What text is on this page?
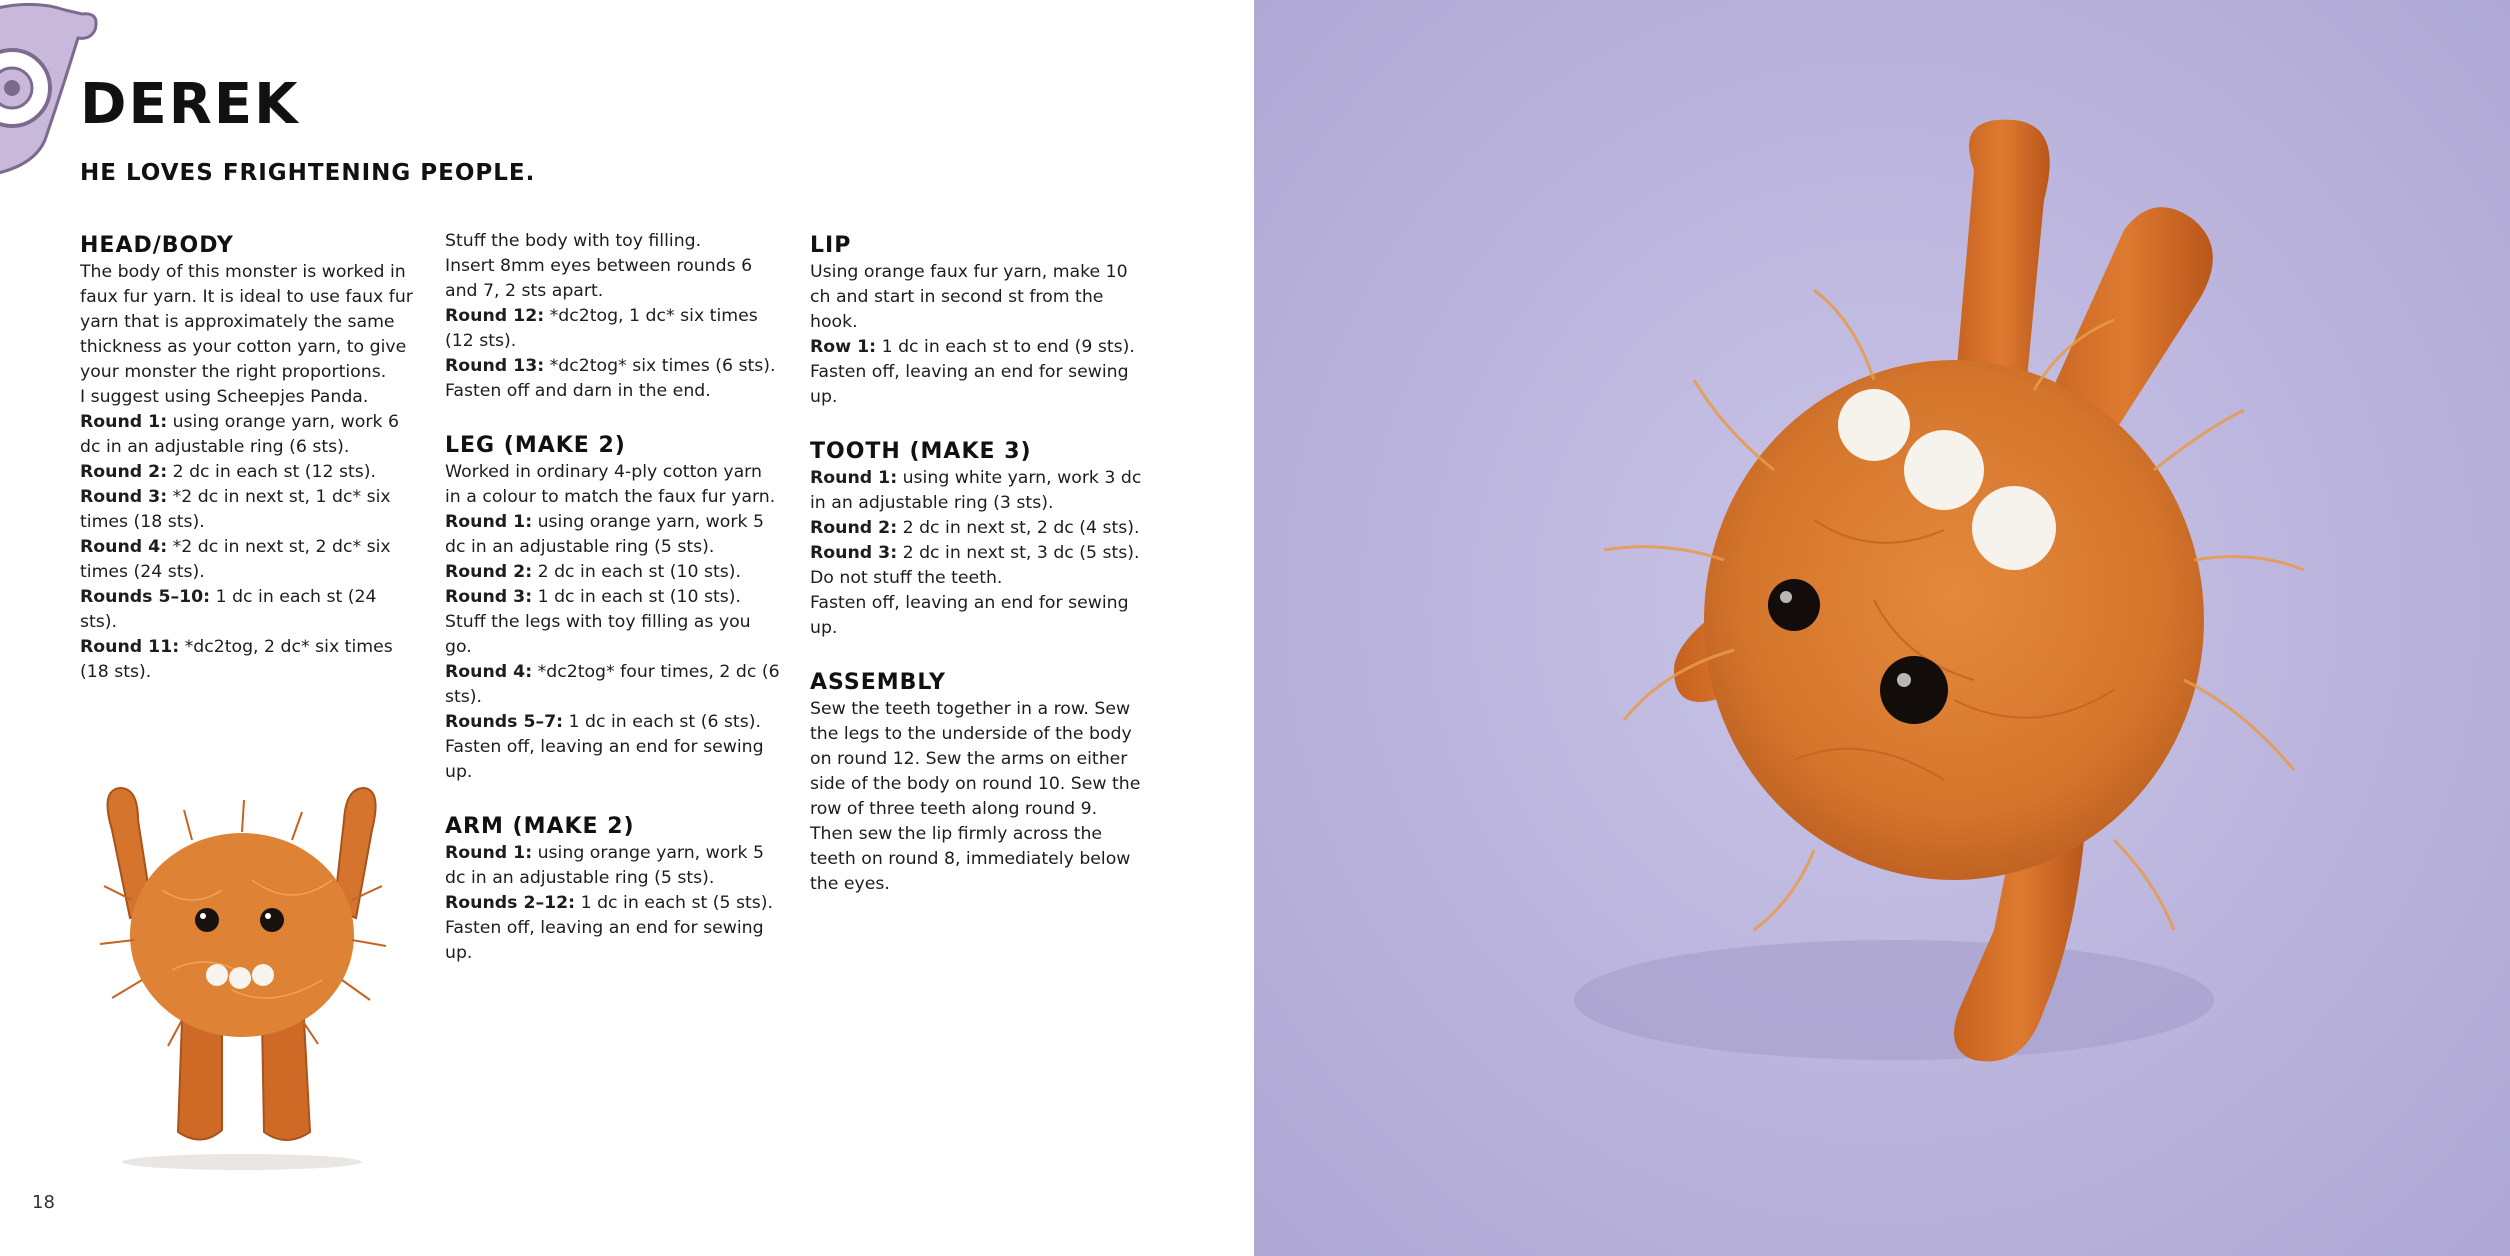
DEREK
HE LOVES FRIGHTENING PEOPLE.

HEAD/BODY

The body of this monster is worked in faux fur yarn. It is ideal to use faux fur yarn that is approximately the same thickness as your cotton yarn, to give your monster the right proportions.

I suggest using Scheepjes Panda.

Round 1: using orange yarn, work 6 dc in an adjustable ring (6 sts).

Round 2: 2 dc in each st (12 sts).

Round 3: *2 dc in next st, 1 dc* six times (18 sts).

Round 4: *2 dc in next st, 2 dc* six times (24 sts).

Rounds 5–10: 1 dc in each st (24 sts).

Round 11: *dc2tog, 2 dc* six times (18 sts).

Stuff the body with toy filling.

Insert 8mm eyes between rounds 6 and 7, 2 sts apart.

Round 12: *dc2tog, 1 dc* six times (12 sts).

Round 13: *dc2tog* six times (6 sts).

Fasten off and darn in the end.

LEG (MAKE 2)

Worked in ordinary 4-ply cotton yarn in a colour to match the faux fur yarn.

Round 1: using orange yarn, work 5 dc in an adjustable ring (5 sts).

Round 2: 2 dc in each st (10 sts).

Round 3: 1 dc in each st (10 sts).

Stuff the legs with toy filling as you go.

Round 4: *dc2tog* four times, 2 dc (6 sts).

Rounds 5–7: 1 dc in each st (6 sts).

Fasten off, leaving an end for sewing up.

ARM (MAKE 2)

Round 1: using orange yarn, work 5 dc in an adjustable ring (5 sts).

Rounds 2–12: 1 dc in each st (5 sts).

Fasten off, leaving an end for sewing up.

LIP

Using orange faux fur yarn, make 10 ch and start in second st from the hook.

Row 1: 1 dc in each st to end (9 sts).

Fasten off, leaving an end for sewing up.

TOOTH (MAKE 3)

Round 1: using white yarn, work 3 dc in an adjustable ring (3 sts).

Round 2: 2 dc in next st, 2 dc (4 sts).

Round 3: 2 dc in next st, 3 dc (5 sts).

Do not stuff the teeth.

Fasten off, leaving an end for sewing up.

ASSEMBLY

Sew the teeth together in a row. Sew the legs to the underside of the body on round 12. Sew the arms on either side of the body on round 10. Sew the row of three teeth along round 9. Then sew the lip firmly across the teeth on round 8, immediately below the eyes.

18
